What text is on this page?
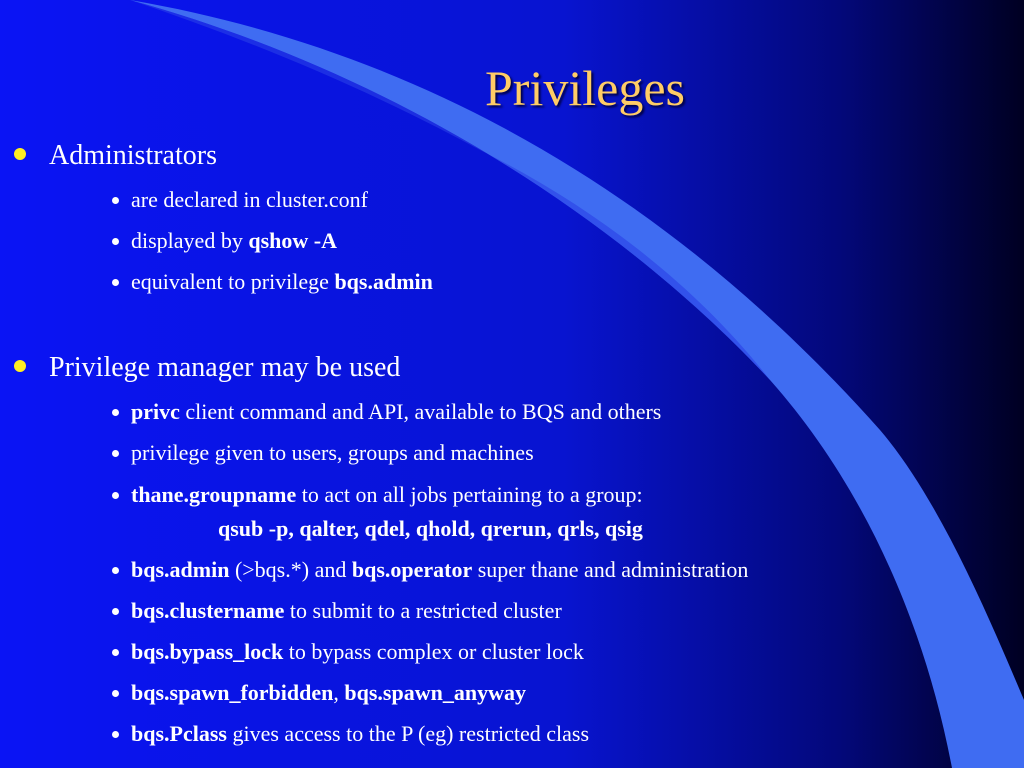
Privileges
Administrators
are declared in cluster.conf
displayed by qshow -A
equivalent to privilege bqs.admin
Privilege manager may be used
privc client command and API, available to BQS and others
privilege given to users, groups and machines
thane.groupname to act on all jobs pertaining to a group:
qsub -p, qalter, qdel, qhold, qrerun, qrls, qsig
bqs.admin (>bqs.*) and bqs.operator super thane and administration
bqs.clustername to submit to a restricted cluster
bqs.bypass_lock to bypass complex or cluster lock
bqs.spawn_forbidden, bqs.spawn_anyway
bqs.Pclass gives access to the P (eg) restricted class
